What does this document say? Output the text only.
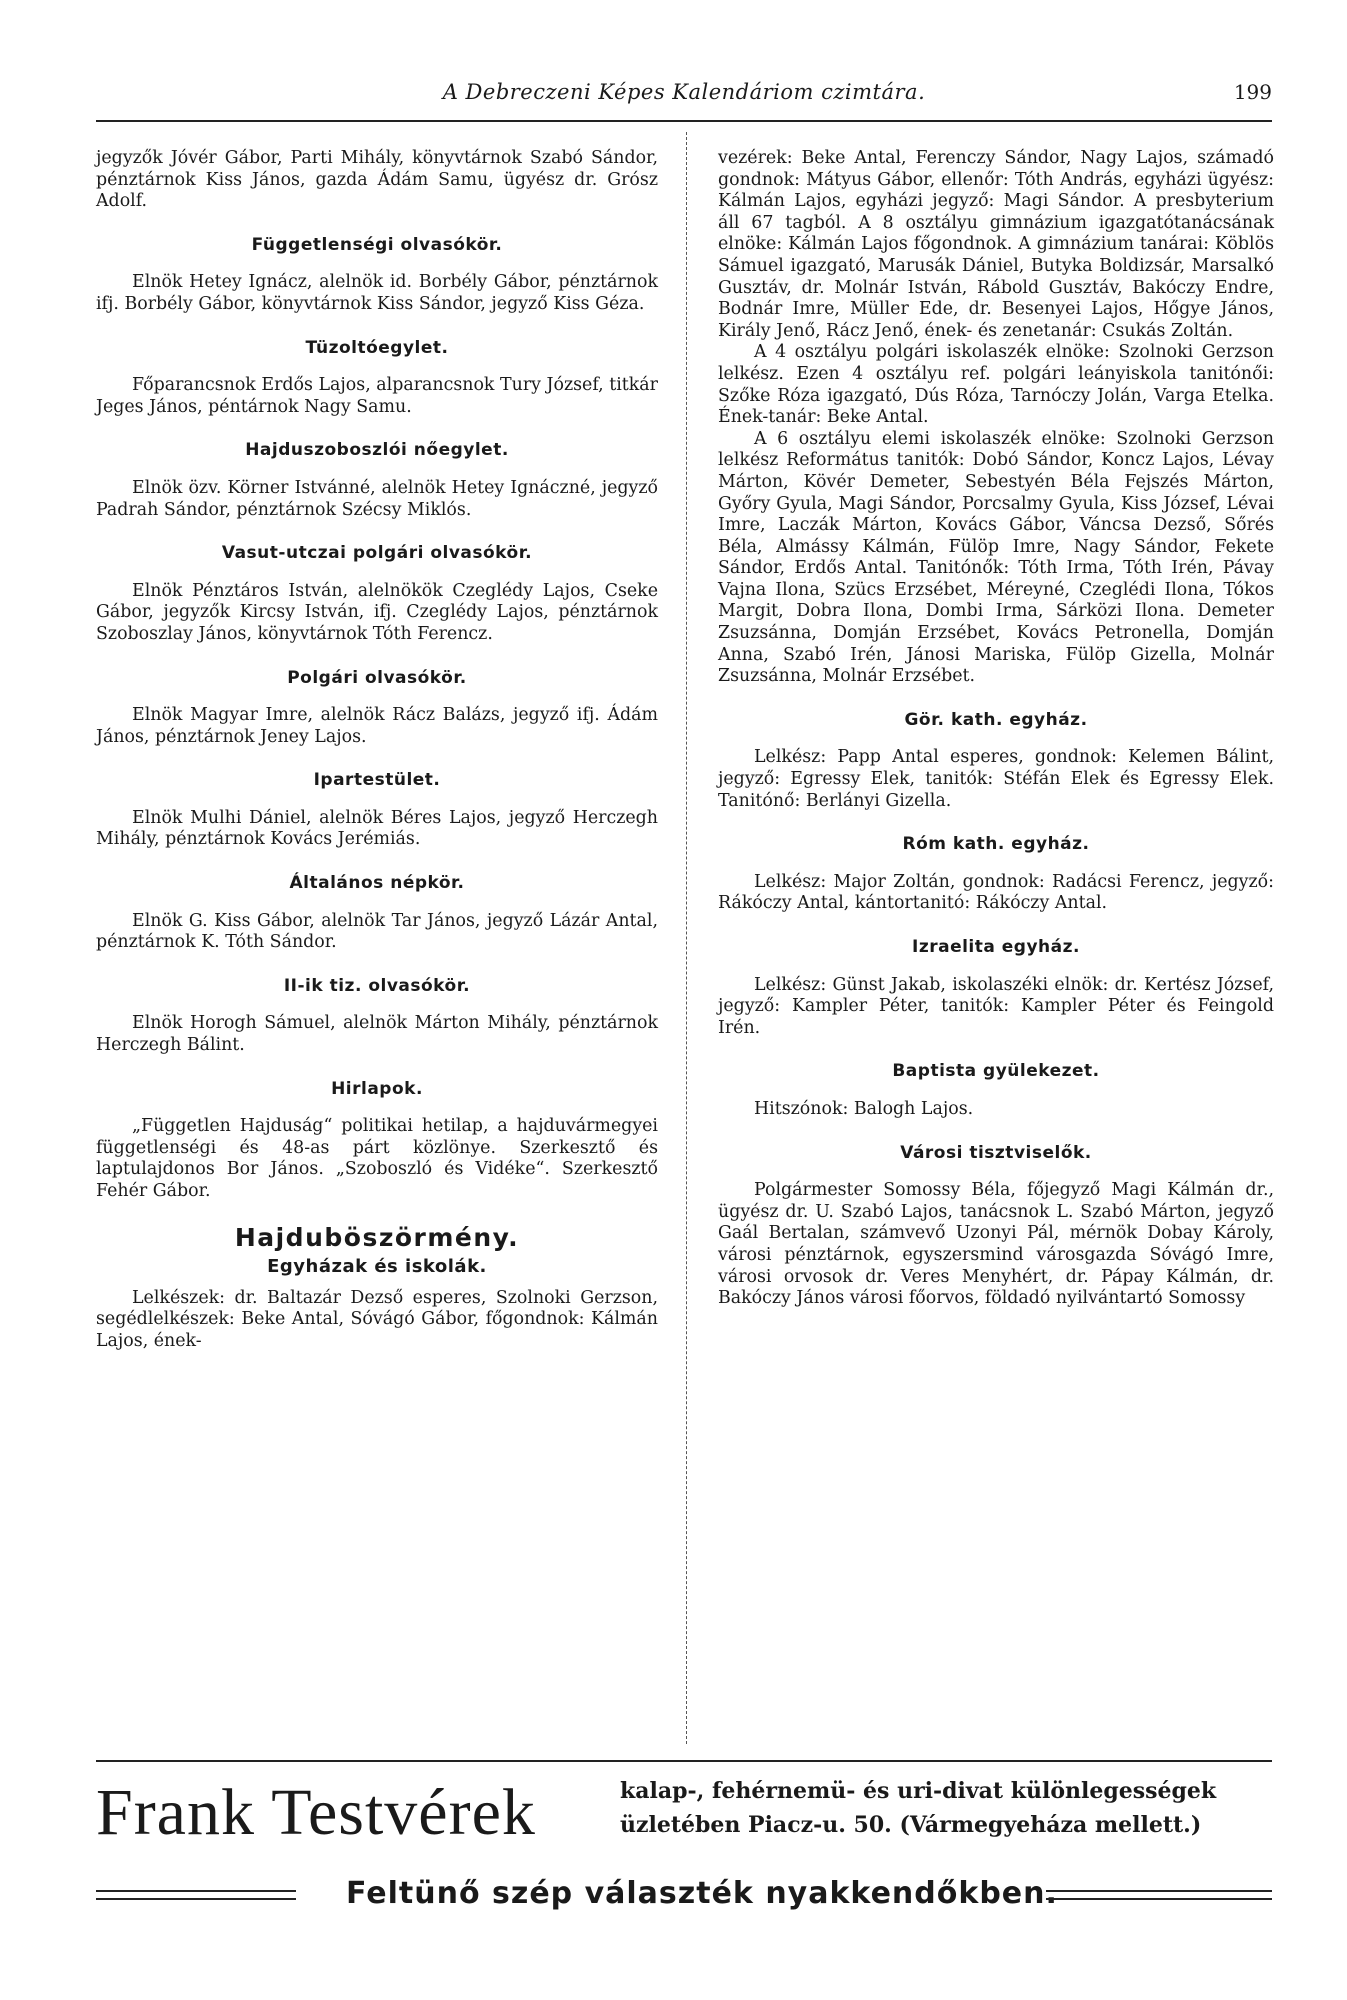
A Debreczeni Képes Kalendáriom czimtára.	199

jegyzők Jóvér Gábor, Parti Mihály, könyvtárnok Szabó Sándor, pénztárnok Kiss János, gazda Ádám Samu, ügyész dr. Grósz Adolf.

Függetlenségi olvasókör.

Elnök Hetey Ignácz, alelnök id. Borbély Gábor, pénztárnok ifj. Borbély Gábor, könyvtárnok Kiss Sándor, jegyző Kiss Géza.

Tüzoltóegylet.

Főparancsnok Erdős Lajos, alparancsnok Tury József, titkár Jeges János, péntárnok Nagy Samu.

Hajduszoboszlói nőegylet.

Elnök özv. Körner Istvánné, alelnök Hetey Ignáczné, jegyző Padrah Sándor, pénztárnok Szécsy Miklós.

Vasut-utczai polgári olvasókör.

Elnök Pénztáros István, alelnökök Czeglédy Lajos, Cseke Gábor, jegyzők Kircsy István, ifj. Czeglédy Lajos, pénztárnok Szoboszlay János, könyvtárnok Tóth Ferencz.

Polgári olvasókör.

Elnök Magyar Imre, alelnök Rácz Balázs, jegyző ifj. Ádám János, pénztárnok Jeney Lajos.

Ipartestület.

Elnök Mulhi Dániel, alelnök Béres Lajos, jegyző Herczegh Mihály, pénztárnok Kovács Jerémiás.

Általános népkör.

Elnök G. Kiss Gábor, alelnök Tar János, jegyző Lázár Antal, pénztárnok K. Tóth Sándor.

II-ik tiz. olvasókör.

Elnök Horogh Sámuel, alelnök Márton Mihály, pénztárnok Herczegh Bálint.

Hirlapok.

„Független Hajduság“ politikai hetilap, a hajduvármegyei függetlenségi és 48-as párt közlönye. Szerkesztő és laptulajdonos Bor János. „Szoboszló és Vidéke“. Szerkesztő Fehér Gábor.

Hajduböszörmény.
Egyházak és iskolák.

Lelkészek: dr. Baltazár Dezső esperes, Szolnoki Gerzson, segédlelkészek: Beke Antal, Sóvágó Gábor, főgondnok: Kálmán Lajos, ének-

vezérek: Beke Antal, Ferenczy Sándor, Nagy Lajos, számadó gondnok: Mátyus Gábor, ellenőr: Tóth András, egyházi ügyész: Kálmán Lajos, egyházi jegyző: Magi Sándor. A presbyterium áll 67 tagból. A 8 osztályu gimnázium igazgatótanácsának elnöke: Kálmán Lajos főgondnok. A gimnázium tanárai: Köblös Sámuel igazgató, Marusák Dániel, Butyka Boldizsár, Marsalkó Gusztáv, dr. Molnár István, Rábold Gusztáv, Bakóczy Endre, Bodnár Imre, Müller Ede, dr. Besenyei Lajos, Hőgye János, Király Jenő, Rácz Jenő, ének- és zenetanár: Csukás Zoltán.

A 4 osztályu polgári iskolaszék elnöke: Szolnoki Gerzson lelkész. Ezen 4 osztályu ref. polgári leányiskola tanitónői: Szőke Róza igazgató, Dús Róza, Tarnóczy Jolán, Varga Etelka. Ének-tanár: Beke Antal.

A 6 osztályu elemi iskolaszék elnöke: Szolnoki Gerzson lelkész Református tanitók: Dobó Sándor, Koncz Lajos, Lévay Márton, Kövér Demeter, Sebestyén Béla Fejszés Márton, Győry Gyula, Magi Sándor, Porcsalmy Gyula, Kiss József, Lévai Imre, Laczák Márton, Kovács Gábor, Váncsa Dezső, Sőrés Béla, Almássy Kálmán, Fülöp Imre, Nagy Sándor, Fekete Sándor, Erdős Antal. Tanitónők: Tóth Irma, Tóth Irén, Pávay Vajna Ilona, Szücs Erzsébet, Méreyné, Czeglédi Ilona, Tókos Margit, Dobra Ilona, Dombi Irma, Sárközi Ilona. Demeter Zsuzsánna, Domján Erzsébet, Kovács Petronella, Domján Anna, Szabó Irén, Jánosi Mariska, Fülöp Gizella, Molnár Zsuzsánna, Molnár Erzsébet.

Gör. kath. egyház.

Lelkész: Papp Antal esperes, gondnok: Kelemen Bálint, jegyző: Egressy Elek, tanitók: Stéfán Elek és Egressy Elek. Tanitónő: Berlányi Gizella.

Róm kath. egyház.

Lelkész: Major Zoltán, gondnok: Radácsi Ferencz, jegyző: Rákóczy Antal, kántortanitó: Rákóczy Antal.

Izraelita egyház.

Lelkész: Günst Jakab, iskolaszéki elnök: dr. Kertész József, jegyző: Kampler Péter, tanitók: Kampler Péter és Feingold Irén.

Baptista gyülekezet.

Hitszónok: Balogh Lajos.

Városi tisztviselők.

Polgármester Somossy Béla, főjegyző Magi Kálmán dr., ügyész dr. U. Szabó Lajos, tanácsnok L. Szabó Márton, jegyző Gaál Bertalan, számvevő Uzonyi Pál, mérnök Dobay Károly, városi pénztárnok, egyszersmind városgazda Sóvágó Imre, városi orvosok dr. Veres Menyhért, dr. Pápay Kálmán, dr. Bakóczy János városi főorvos, földadó nyilvántartó Somossy

Frank Testvérek	kalap-, fehérnemü- és uri-divat különlegességek
üzletében Piacz-u. 50. (Vármegyeháza mellett.)
Feltünő szép választék nyakkendőkben.
